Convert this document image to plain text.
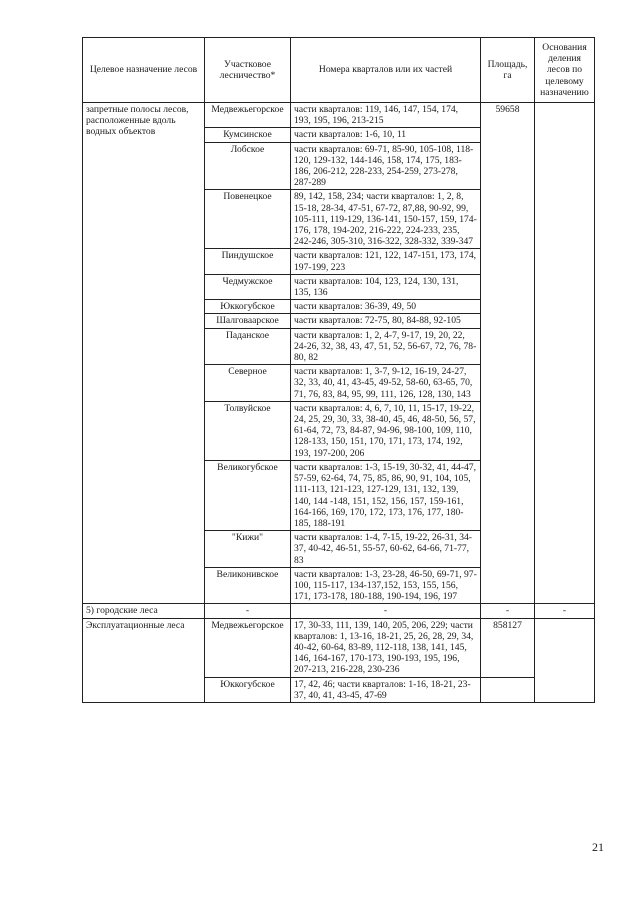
Целевое назначение лесов	Участковое лесничество*	Номера кварталов или их частей	Площадь, га	Основания деления лесов по целевому назначению
запретные полосы лесов, расположенные вдоль водных объектов	Медвежьегорское	части кварталов: 119, 146, 147, 154, 174, 193, 195, 196, 213-215	59658	
	Кумсинское	части кварталов: 1-6, 10, 11		
	Лобское	части кварталов: 69-71, 85-90, 105-108, 118-120, 129-132, 144-146, 158, 174, 175, 183-186, 206-212, 228-233, 254-259, 273-278, 287-289		
	Повенецкое	89, 142, 158, 234; части кварталов: 1, 2, 8, 15-18, 28-34, 47-51, 67-72, 87,88, 90-92, 99, 105-111, 119-129, 136-141, 150-157, 159, 174-176, 178, 194-202, 216-222, 224-233, 235, 242-246, 305-310, 316-322, 328-332, 339-347		
	Пиндушское	части кварталов: 121, 122, 147-151, 173, 174, 197-199, 223		
	Чедмужское	части кварталов: 104, 123, 124, 130, 131, 135, 136		
	Юккогубское	части кварталов: 36-39, 49, 50		
	Шалговаарское	части кварталов: 72-75, 80, 84-88, 92-105		
	Паданское	части кварталов: 1, 2, 4-7, 9-17, 19, 20, 22, 24-26, 32, 38, 43, 47, 51, 52, 56-67, 72, 76, 78-80, 82		
	Северное	части кварталов: 1, 3-7, 9-12, 16-19, 24-27, 32, 33, 40, 41, 43-45, 49-52, 58-60, 63-65, 70, 71, 76, 83, 84, 95, 99, 111, 126, 128, 130, 143		
	Толвуйское	части кварталов: 4, 6, 7, 10, 11, 15-17, 19-22, 24, 25, 29, 30, 33, 38-40, 45, 46, 48-50, 56, 57, 61-64, 72, 73, 84-87, 94-96, 98-100, 109, 110, 128-133, 150, 151, 170, 171, 173, 174, 192, 193, 197-200, 206		
	Великогубское	части кварталов: 1-3, 15-19, 30-32, 41, 44-47, 57-59, 62-64, 74, 75, 85, 86, 90, 91, 104, 105, 111-113, 121-123, 127-129, 131, 132, 139, 140, 144 -148, 151, 152, 156, 157, 159-161, 164-166, 169, 170, 172, 173, 176, 177, 180-185, 188-191		
	"Кижи"	части кварталов: 1-4, 7-15, 19-22, 26-31, 34-37, 40-42, 46-51, 55-57, 60-62, 64-66, 71-77, 83		
	Великонивское	части кварталов: 1-3, 23-28, 46-50, 69-71, 97-100, 115-117, 134-137,152, 153, 155, 156, 171, 173-178, 180-188, 190-194, 196, 197		
5) городские леса	-	-	-	-
Эксплуатационные леса	Медвежьегорское	17, 30-33, 111, 139, 140, 205, 206, 229; части кварталов: 1, 13-16, 18-21, 25, 26, 28, 29, 34, 40-42, 60-64, 83-89, 112-118, 138, 141, 145, 146, 164-167, 170-173, 190-193, 195, 196, 207-213, 216-228, 230-236	858127	
	Юккогубское	17, 42, 46; части кварталов: 1-16, 18-21, 23-37, 40, 41, 43-45, 47-69		
21
